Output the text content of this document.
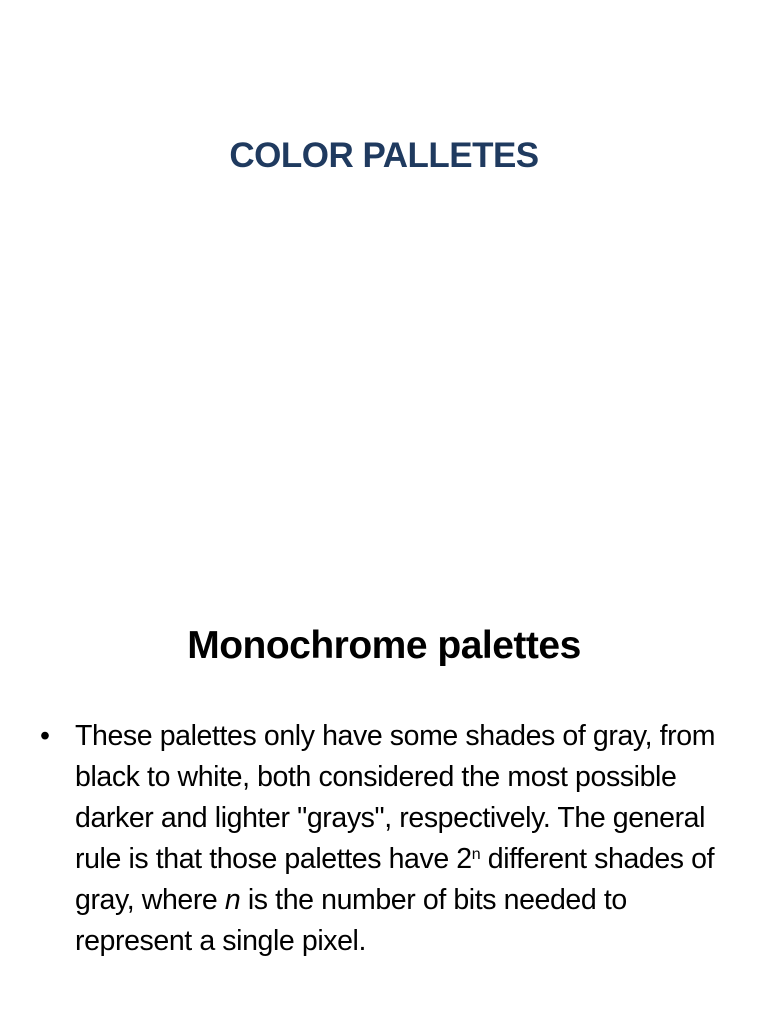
COLOR PALLETES
Monochrome palettes
• These palettes only have some shades of gray, from black to white, both considered the most possible darker and lighter "grays", respectively. The general rule is that those palettes have 2$^n$ different shades of gray, where n is the number of bits needed to represent a single pixel.
